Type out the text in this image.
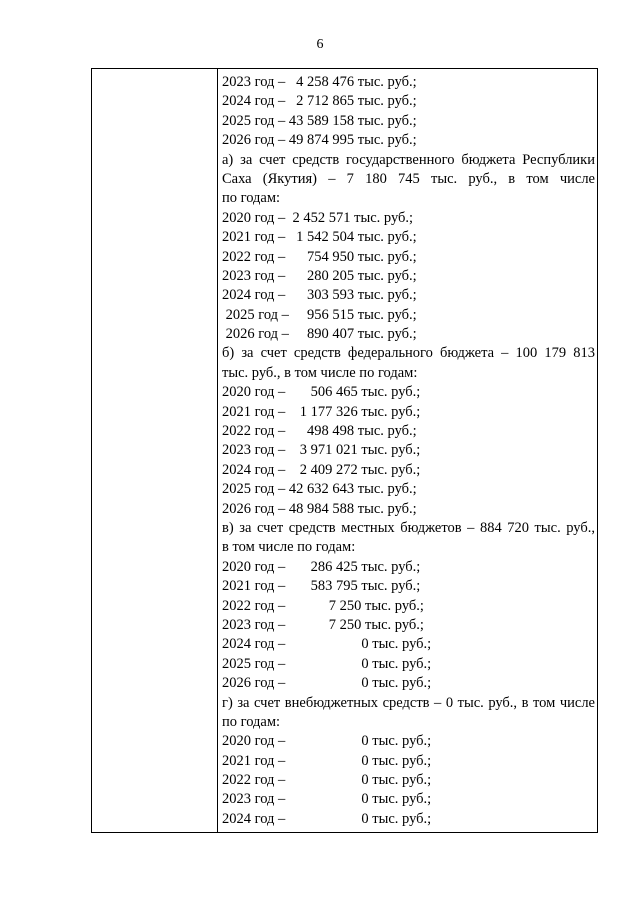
6
2023 год –   4 258 476 тыс. руб.;
2024 год –   2 712 865 тыс. руб.;
2025 год – 43 589 158 тыс. руб.;
2026 год – 49 874 995 тыс. руб.;
а) за счет средств государственного бюджета Республики
Саха (Якутия) – 7 180 745 тыс. руб., в том числе
по годам:
2020 год –  2 452 571 тыс. руб.;
2021 год –   1 542 504 тыс. руб.;
2022 год –      754 950 тыс. руб.;
2023 год –      280 205 тыс. руб.;
2024 год –      303 593 тыс. руб.;
2025 год –     956 515 тыс. руб.;
2026 год –     890 407 тыс. руб.;
б) за счет средств федерального бюджета – 100 179 813
тыс. руб., в том числе по годам:
2020 год –       506 465 тыс. руб.;
2021 год –    1 177 326 тыс. руб.;
2022 год –      498 498 тыс. руб.;
2023 год –    3 971 021 тыс. руб.;
2024 год –    2 409 272 тыс. руб.;
2025 год – 42 632 643 тыс. руб.;
2026 год – 48 984 588 тыс. руб.;
в) за счет средств местных бюджетов – 884 720 тыс. руб.,
в том числе по годам:
2020 год –       286 425 тыс. руб.;
2021 год –       583 795 тыс. руб.;
2022 год –            7 250 тыс. руб.;
2023 год –            7 250 тыс. руб.;
2024 год –                     0 тыс. руб.;
2025 год –                     0 тыс. руб.;
2026 год –                     0 тыс. руб.;
г) за счет внебюджетных средств – 0 тыс. руб., в том числе
по годам:
2020 год –                     0 тыс. руб.;
2021 год –                     0 тыс. руб.;
2022 год –                     0 тыс. руб.;
2023 год –                     0 тыс. руб.;
2024 год –                     0 тыс. руб.;
